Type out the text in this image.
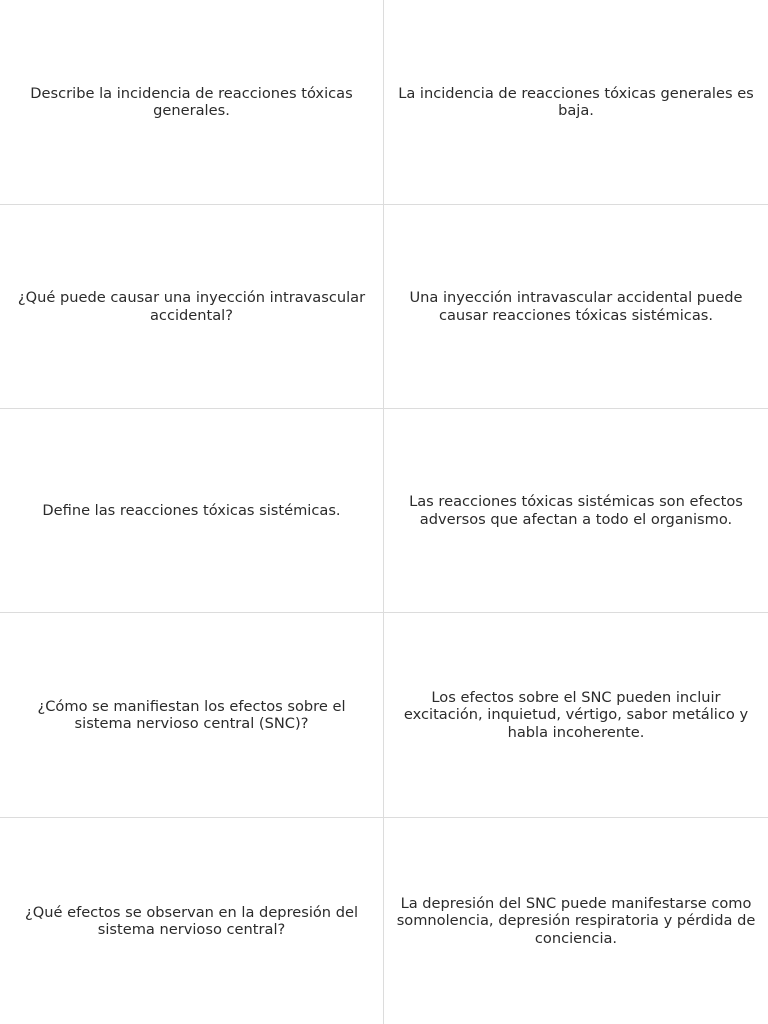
Describe la incidencia de reacciones tóxicas generales.
La incidencia de reacciones tóxicas generales es baja.
¿Qué puede causar una inyección intravascular accidental?
Una inyección intravascular accidental puede causar reacciones tóxicas sistémicas.
Define las reacciones tóxicas sistémicas.
Las reacciones tóxicas sistémicas son efectos adversos que afectan a todo el organismo.
¿Cómo se manifiestan los efectos sobre el sistema nervioso central (SNC)?
Los efectos sobre el SNC pueden incluir excitación, inquietud, vértigo, sabor metálico y habla incoherente.
¿Qué efectos se observan en la depresión del sistema nervioso central?
La depresión del SNC puede manifestarse como somnolencia, depresión respiratoria y pérdida de conciencia.
